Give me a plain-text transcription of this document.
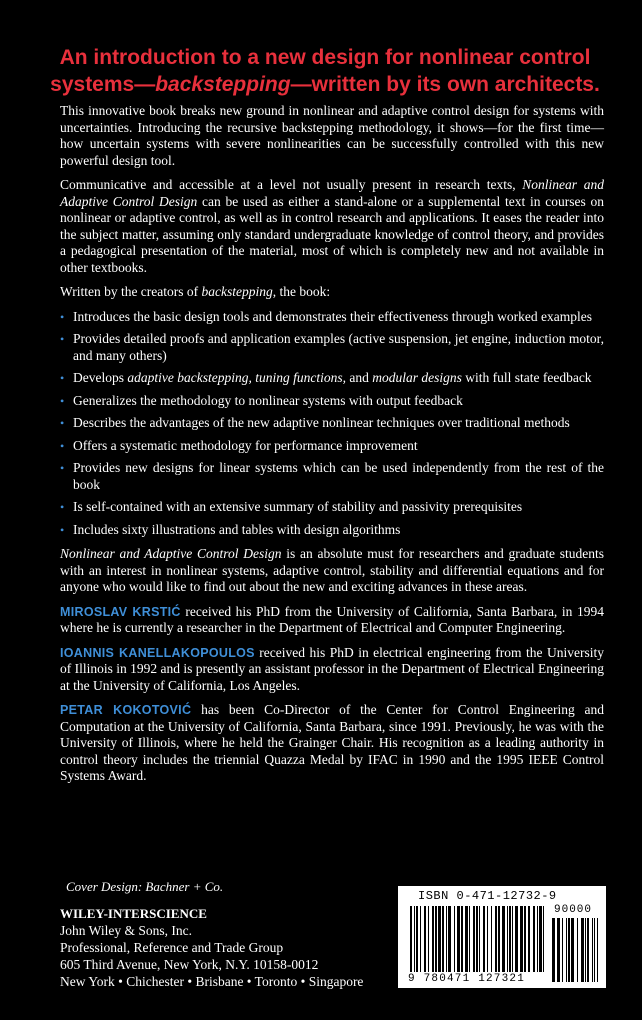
An introduction to a new design for nonlinear control systems—backstepping—written by its own architects.

This innovative book breaks new ground in nonlinear and adaptive control design for systems with uncertainties. Introducing the recursive backstepping methodology, it shows—for the first time—how uncertain systems with severe nonlinearities can be successfully controlled with this new powerful design tool.

Communicative and accessible at a level not usually present in research texts, Nonlinear and Adaptive Control Design can be used as either a stand-alone or a supplemental text in courses on nonlinear or adaptive control, as well as in control research and applications. It eases the reader into the subject matter, assuming only standard undergraduate knowledge of control theory, and provides a pedagogical presentation of the material, most of which is completely new and not available in other textbooks.

Written by the creators of backstepping, the book:

• Introduces the basic design tools and demonstrates their effectiveness through worked examples
• Provides detailed proofs and application examples (active suspension, jet engine, induction motor, and many others)
• Develops adaptive backstepping, tuning functions, and modular designs with full state feedback
• Generalizes the methodology to nonlinear systems with output feedback
• Describes the advantages of the new adaptive nonlinear techniques over traditional methods
• Offers a systematic methodology for performance improvement
• Provides new designs for linear systems which can be used independently from the rest of the book
• Is self-contained with an extensive summary of stability and passivity prerequisites
• Includes sixty illustrations and tables with design algorithms

Nonlinear and Adaptive Control Design is an absolute must for researchers and graduate students with an interest in nonlinear systems, adaptive control, stability and differential equations and for anyone who would like to find out about the new and exciting advances in these areas.

MIROSLAV KRSTIĆ received his PhD from the University of California, Santa Barbara, in 1994 where he is currently a researcher in the Department of Electrical and Computer Engineering.

IOANNIS KANELLAKOPOULOS received his PhD in electrical engineering from the University of Illinois in 1992 and is presently an assistant professor in the Department of Electrical Engineering at the University of California, Los Angeles.

PETAR KOKOTOVIĆ has been Co-Director of the Center for Control Engineering and Computation at the University of California, Santa Barbara, since 1991. Previously, he was with the University of Illinois, where he held the Grainger Chair. His recognition as a leading authority in control theory includes the triennial Quazza Medal by IFAC in 1990 and the 1995 IEEE Control Systems Award.

Cover Design: Bachner + Co.
WILEY-INTERSCIENCE
John Wiley & Sons, Inc.
Professional, Reference and Trade Group
605 Third Avenue, New York, N.Y. 10158-0012
New York • Chichester • Brisbane • Toronto • Singapore
ISBN 0-471-12732-9
90000
9 780471 127321
